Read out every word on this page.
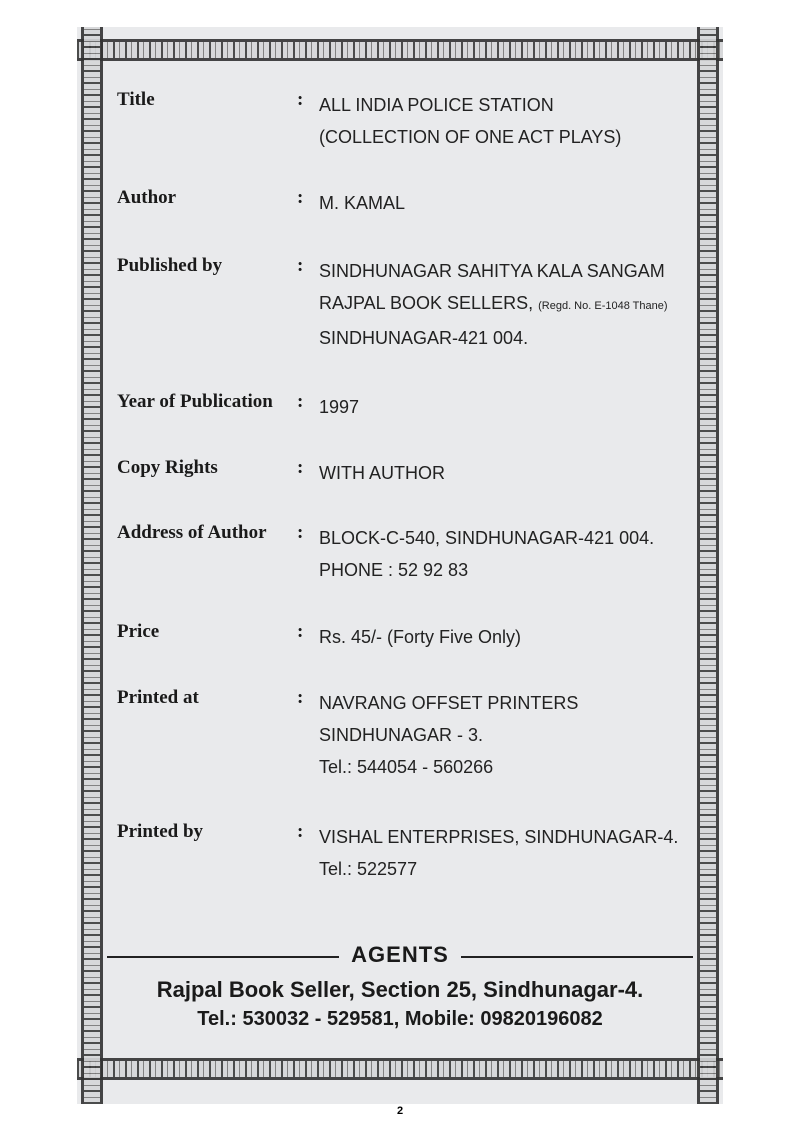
Title	: ALL INDIA POLICE STATION
(COLLECTION OF ONE ACT PLAYS)
Author	: M. KAMAL
Published by	: SINDHUNAGAR SAHITYA KALA SANGAM
RAJPAL BOOK SELLERS, (Regd. No. E-1048 Thane)
SINDHUNAGAR-421 004.
Year of Publication	: 1997
Copy Rights	: WITH AUTHOR
Address of Author	: BLOCK-C-540, SINDHUNAGAR-421 004.
PHONE : 52 92 83
Price	: Rs. 45/- (Forty Five Only)
Printed at	: NAVRANG OFFSET PRINTERS
SINDHUNAGAR - 3.
Tel.: 544054 - 560266
Printed by	: VISHAL ENTERPRISES, SINDHUNAGAR-4.
Tel.: 522577
AGENTS
Rajpal Book Seller, Section 25, Sindhunagar-4.
Tel.: 530032 - 529581, Mobile: 09820196082
2
